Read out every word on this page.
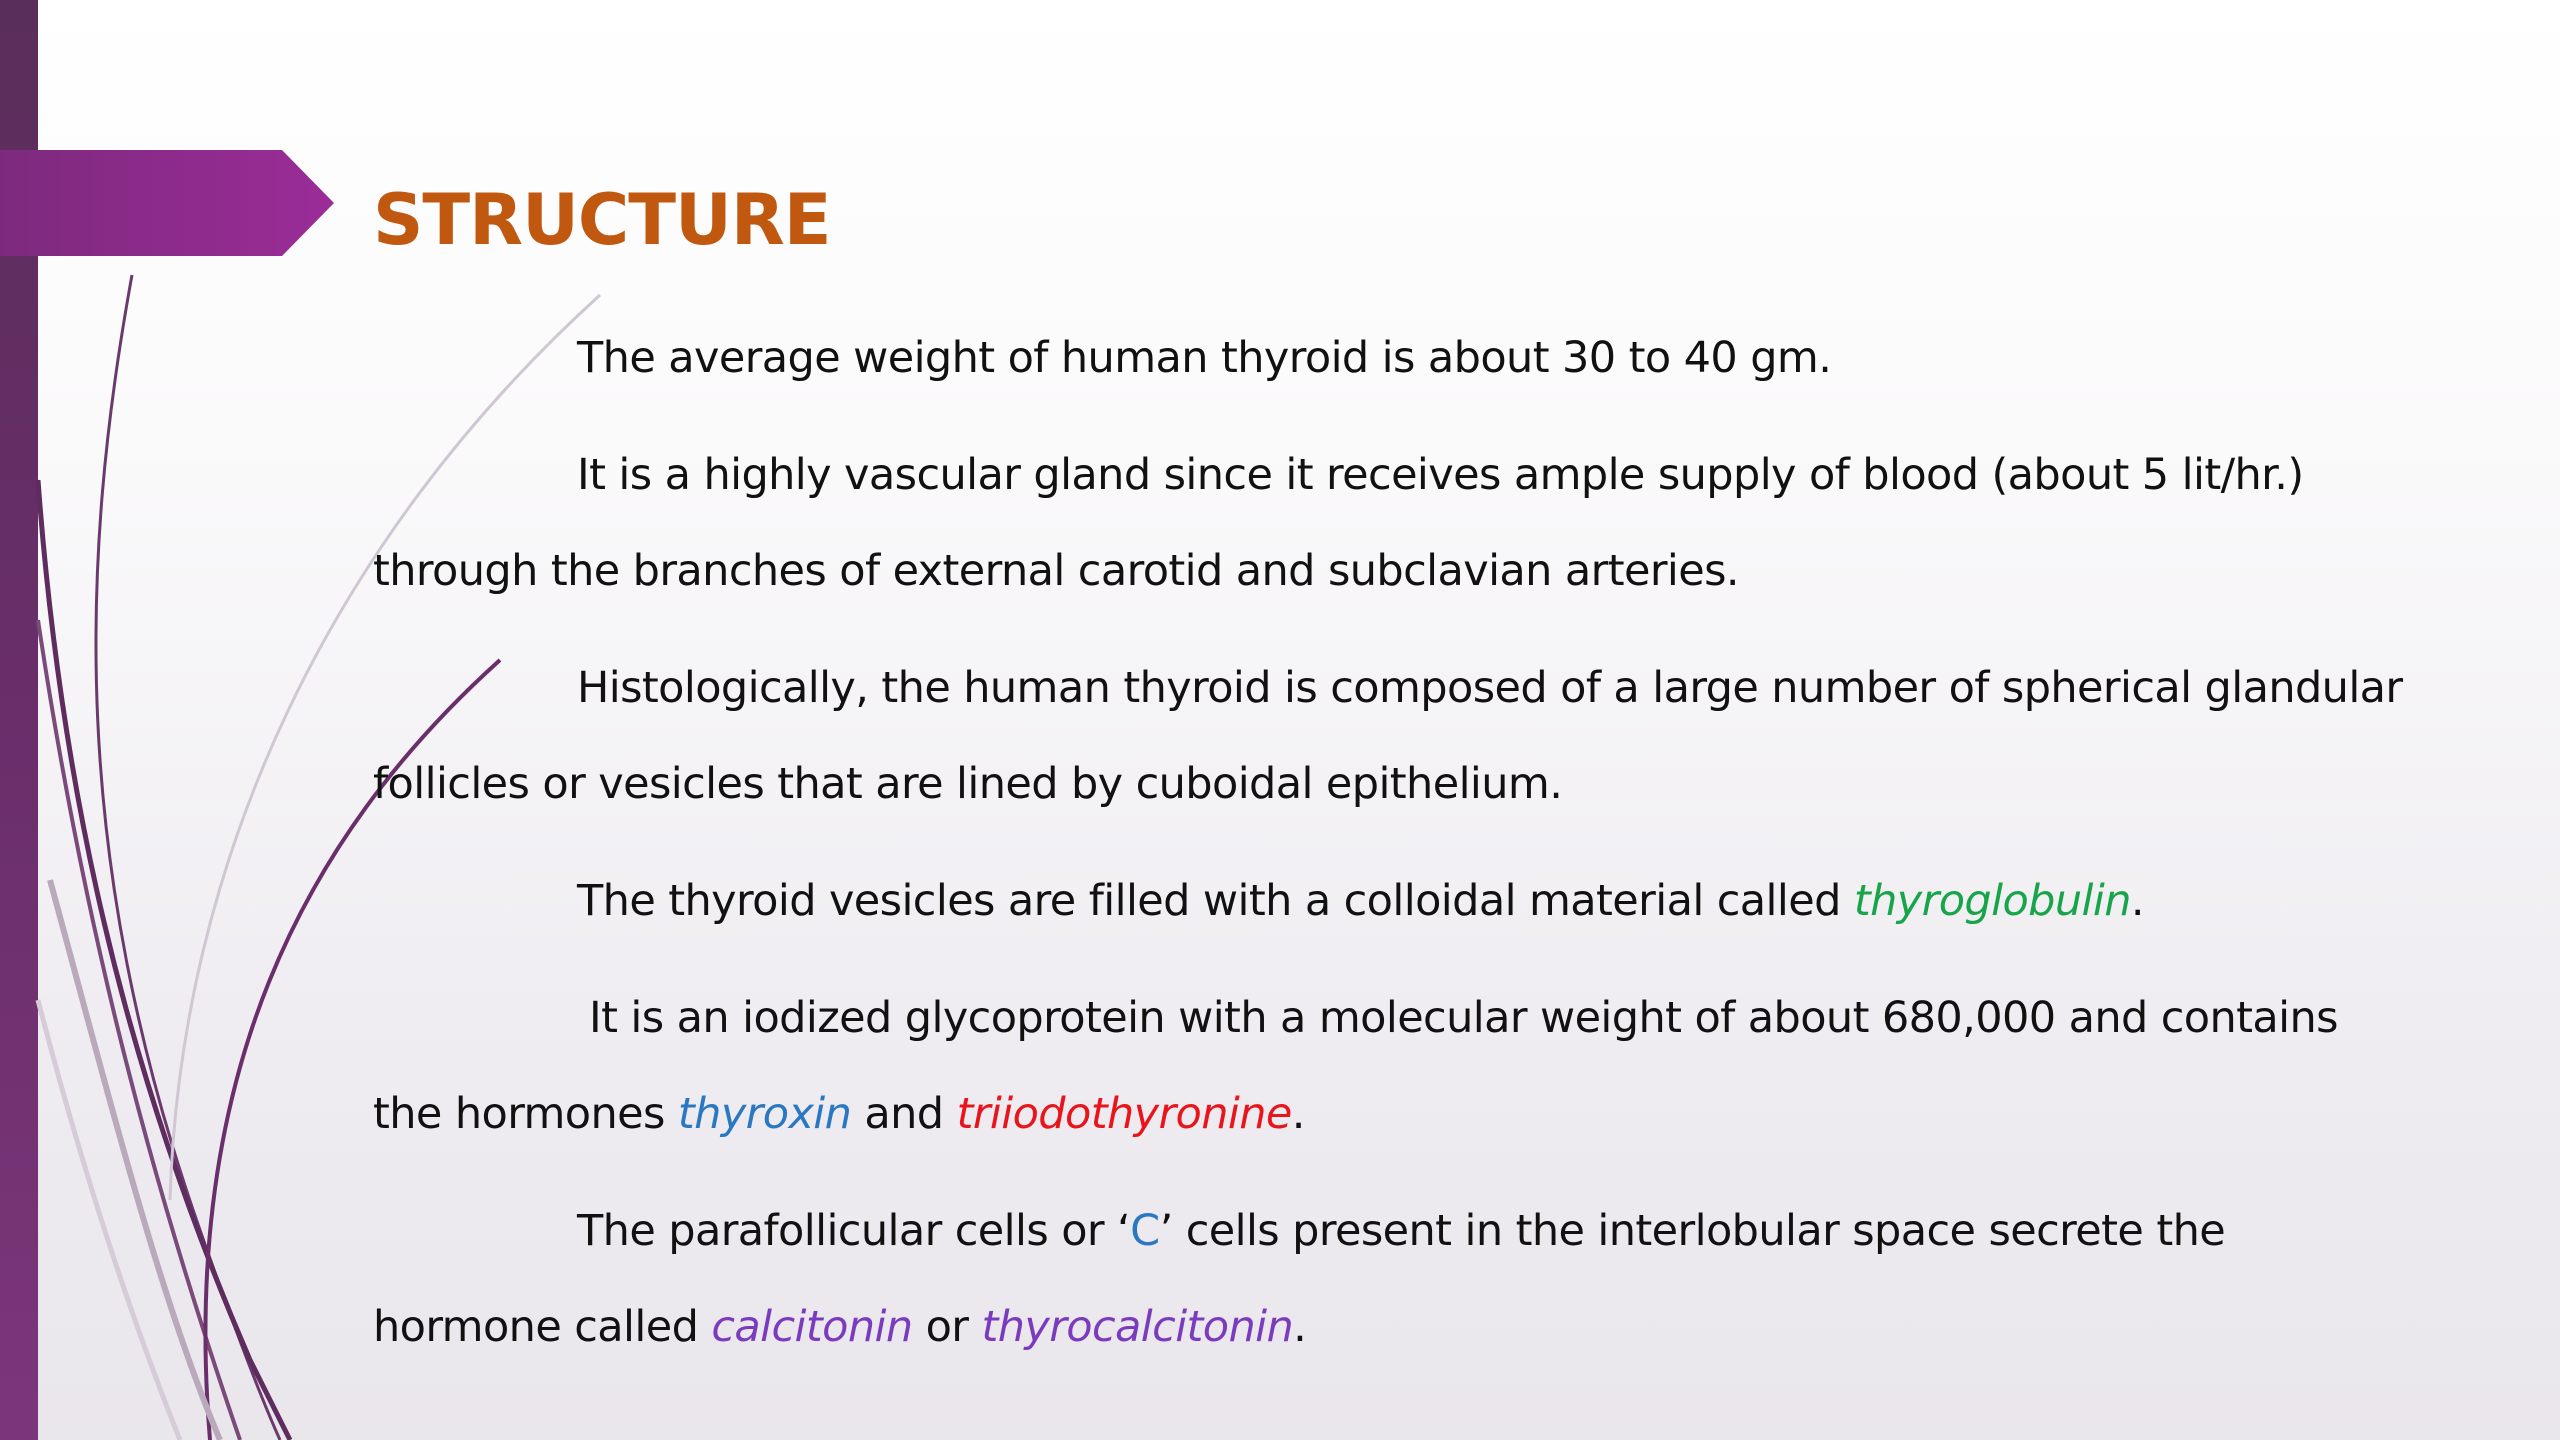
STRUCTURE

The average weight of human thyroid is about 30 to 40 gm.

It is a highly vascular gland since it receives ample supply of blood (about 5 lit/hr.) through the branches of external carotid and subclavian arteries.

Histologically, the human thyroid is composed of a large number of spherical glandular follicles or vesicles that are lined by cuboidal epithelium.

The thyroid vesicles are filled with a colloidal material called thyroglobulin.

It is an iodized glycoprotein with a molecular weight of about 680,000 and contains the hormones thyroxin and triiodothyronine.

The parafollicular cells or ‘C’ cells present in the interlobular space secrete the hormone called calcitonin or thyrocalcitonin.
